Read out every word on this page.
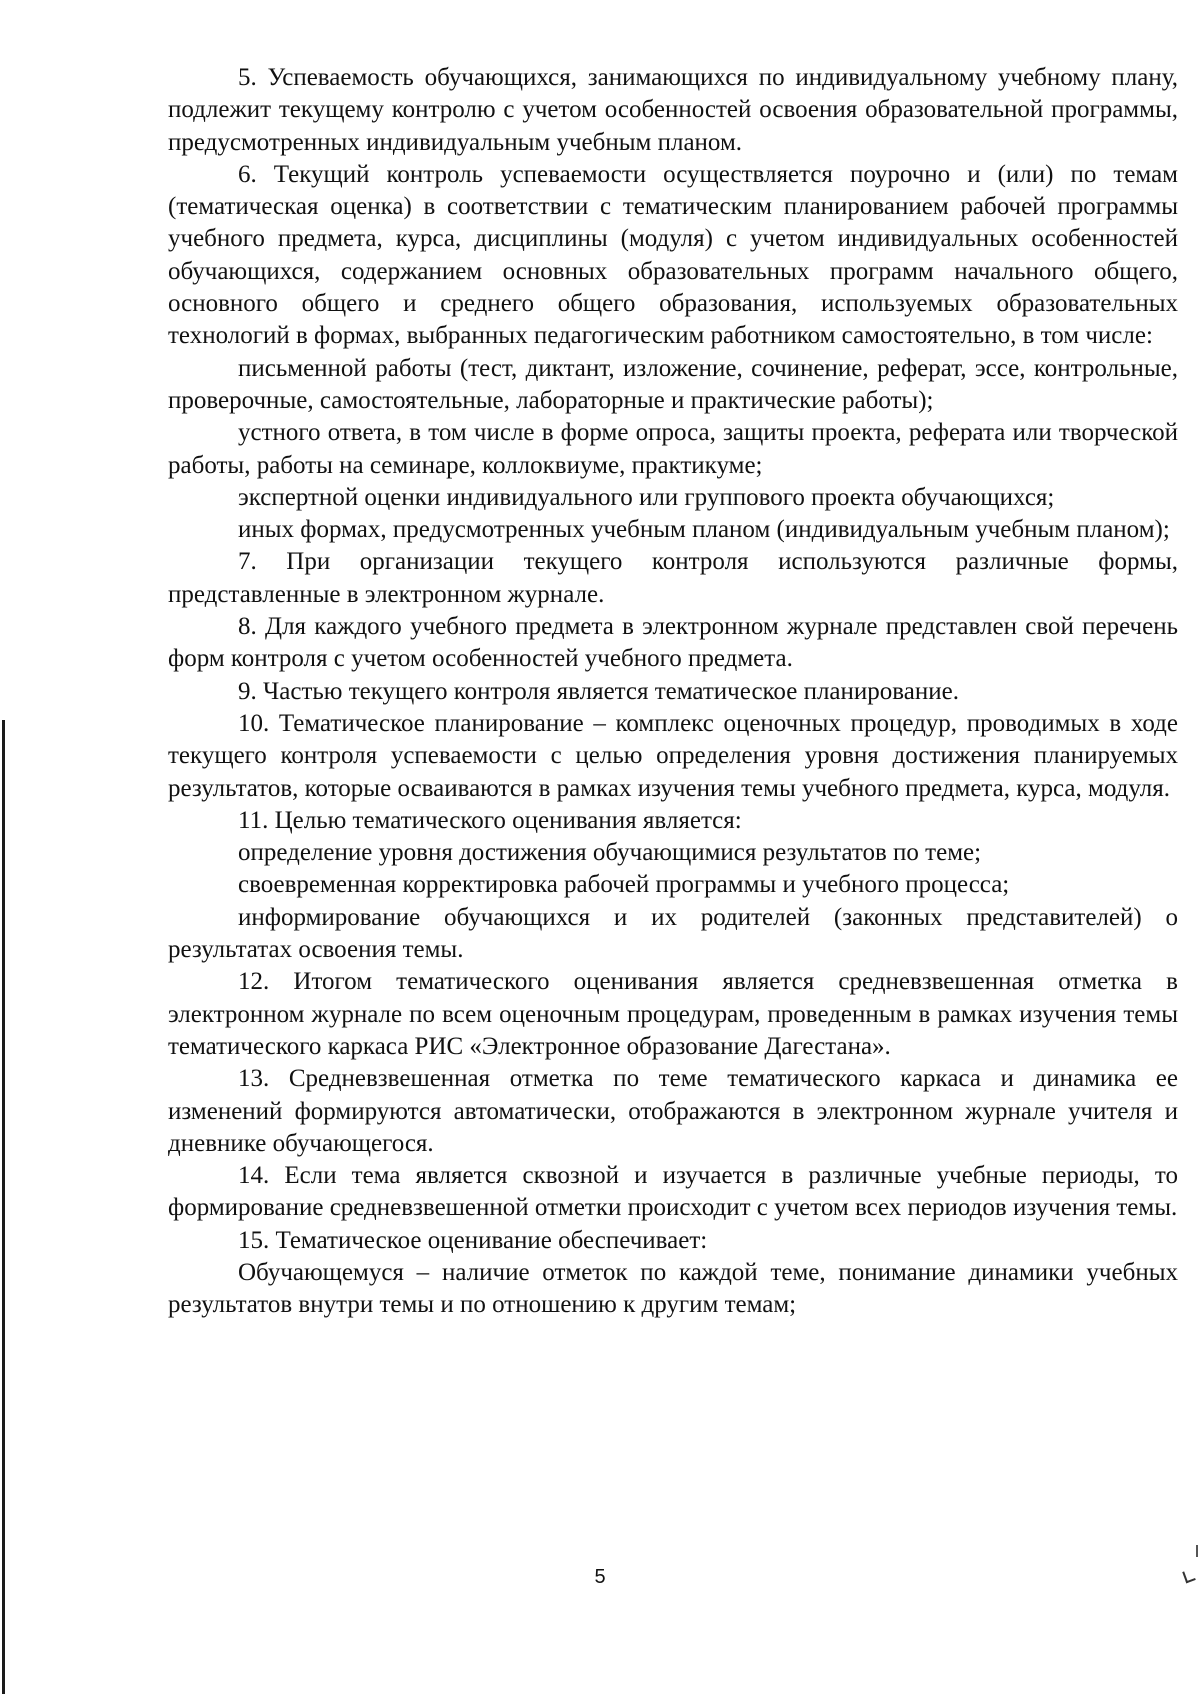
5. Успеваемость обучающихся, занимающихся по индивидуальному учебному плану, подлежит текущему контролю с учетом особенностей освоения образовательной программы, предусмотренных индивидуальным учебным планом.

6. Текущий контроль успеваемости осуществляется поурочно и (или) по темам (тематическая оценка) в соответствии с тематическим планированием рабочей программы учебного предмета, курса, дисциплины (модуля) с учетом индивидуальных особенностей обучающихся, содержанием основных образовательных программ начального общего, основного общего и среднего общего образования, используемых образовательных технологий в формах, выбранных педагогическим работником самостоятельно, в том числе:

письменной работы (тест, диктант, изложение, сочинение, реферат, эссе, контрольные, проверочные, самостоятельные, лабораторные и практические работы);

устного ответа, в том числе в форме опроса, защиты проекта, реферата или творческой работы, работы на семинаре, коллоквиуме, практикуме;

экспертной оценки индивидуального или группового проекта обучающихся;

иных формах, предусмотренных учебным планом (индивидуальным учебным планом);

7. При организации текущего контроля используются различные формы, представленные в электронном журнале.

8. Для каждого учебного предмета в электронном журнале представлен свой перечень форм контроля с учетом особенностей учебного предмета.

9. Частью текущего контроля является тематическое планирование.

10. Тематическое планирование – комплекс оценочных процедур, проводимых в ходе текущего контроля успеваемости с целью определения уровня достижения планируемых результатов, которые осваиваются в рамках изучения темы учебного предмета, курса, модуля.

11. Целью тематического оценивания является:

определение уровня достижения обучающимися результатов по теме;

своевременная корректировка рабочей программы и учебного процесса;

информирование обучающихся и их родителей (законных представителей) о результатах освоения темы.

12. Итогом тематического оценивания является средневзвешенная отметка в электронном журнале по всем оценочным процедурам, проведенным в рамках изучения темы тематического каркаса РИС «Электронное образование Дагестана».

13. Средневзвешенная отметка по теме тематического каркаса и динамика ее изменений формируются автоматически, отображаются в электронном журнале учителя и дневнике обучающегося.

14. Если тема является сквозной и изучается в различные учебные периоды, то формирование средневзвешенной отметки происходит с учетом всех периодов изучения темы.

15. Тематическое оценивание обеспечивает:

Обучающемуся – наличие отметок по каждой теме, понимание динамики учебных результатов внутри темы и по отношению к другим темам;

5
